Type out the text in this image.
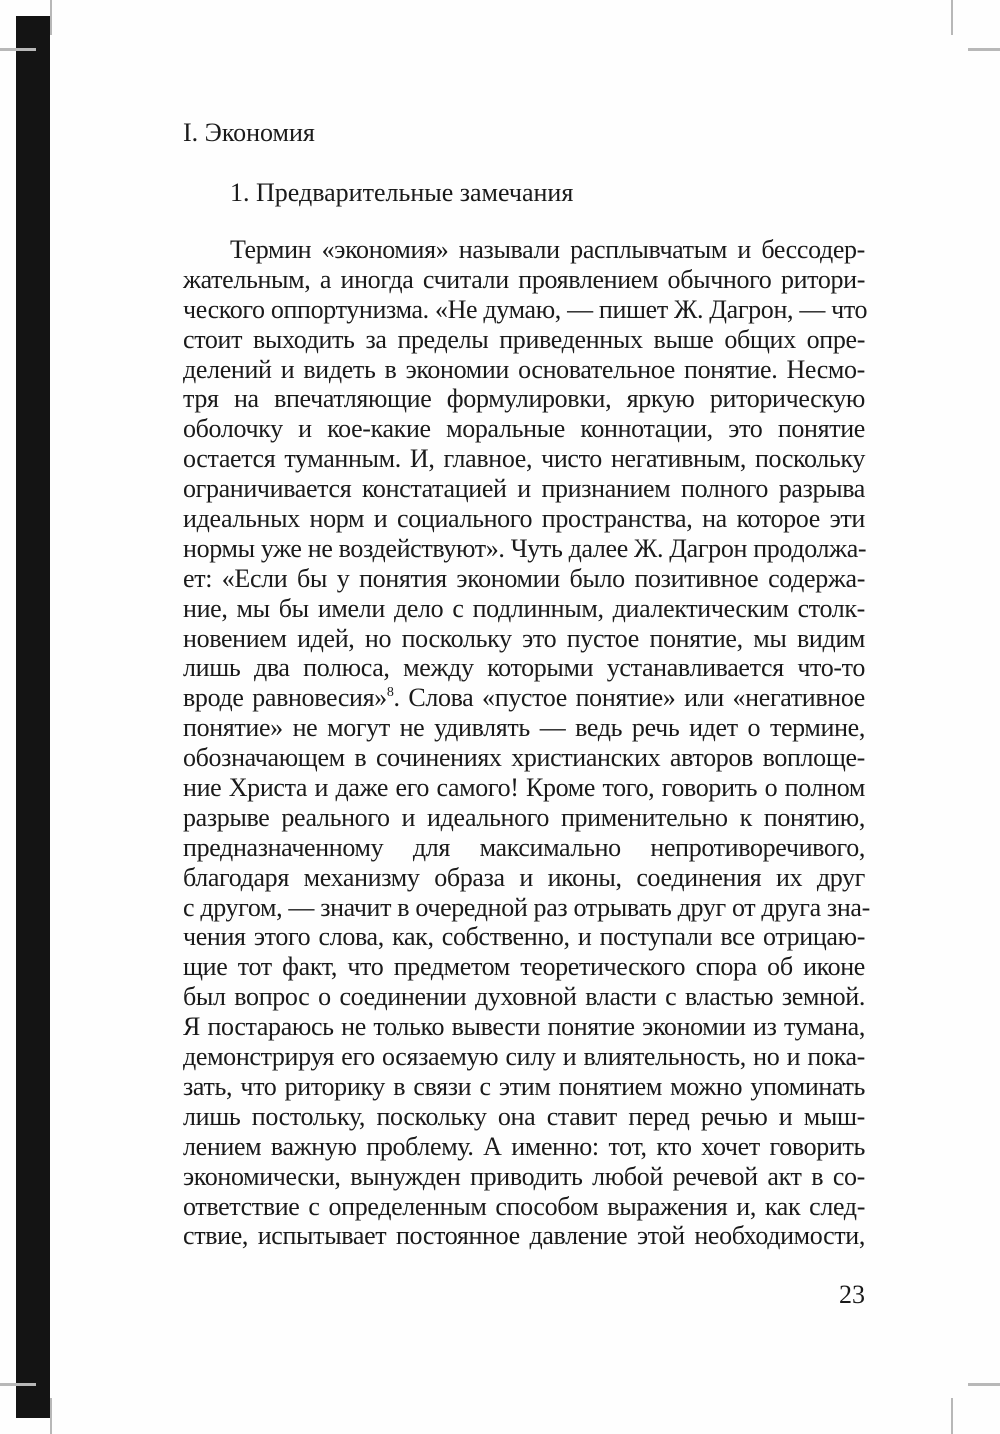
I. Экономия
1. Предварительные замечания
Термин «экономия» называли расплывчатым и бессодер-
жательным, а иногда считали проявлением обычного ритори-
ческого оппортунизма. «Не думаю, — пишет Ж. Дагрон, — что
стоит выходить за пределы приведенных выше общих опре-
делений и видеть в экономии основательное понятие. Несмо-
тря на впечатляющие формулировки, яркую риторическую
оболочку и кое-какие моральные коннотации, это понятие
остается туманным. И, главное, чисто негативным, поскольку
ограничивается констатацией и признанием полного разрыва
идеальных норм и социального пространства, на которое эти
нормы уже не воздействуют». Чуть далее Ж. Дагрон продолжа-
ет: «Если бы у понятия экономии было позитивное содержа-
ние, мы бы имели дело с подлинным, диалектическим столк-
новением идей, но поскольку это пустое понятие, мы видим
лишь два полюса, между которыми устанавливается что-то
вроде равновесия»$^8$. Слова «пустое понятие» или «негативное
понятие» не могут не удивлять — ведь речь идет о термине,
обозначающем в сочинениях христианских авторов воплоще-
ние Христа и даже его самого! Кроме того, говорить о полном
разрыве реального и идеального применительно к понятию,
предназначенному для максимально непротиворечивого,
благодаря механизму образа и иконы, соединения их друг
с другом, — значит в очередной раз отрывать друг от друга зна-
чения этого слова, как, собственно, и поступали все отрицаю-
щие тот факт, что предметом теоретического спора об иконе
был вопрос о соединении духовной власти с властью земной.
Я постараюсь не только вывести понятие экономии из тумана,
демонстрируя его осязаемую силу и влиятельность, но и пока-
зать, что риторику в связи с этим понятием можно упоминать
лишь постольку, поскольку она ставит перед речью и мыш-
лением важную проблему. А именно: тот, кто хочет говорить
экономически, вынужден приводить любой речевой акт в со-
ответствие с определенным способом выражения и, как след-
ствие, испытывает постоянное давление этой необходимости,
23
